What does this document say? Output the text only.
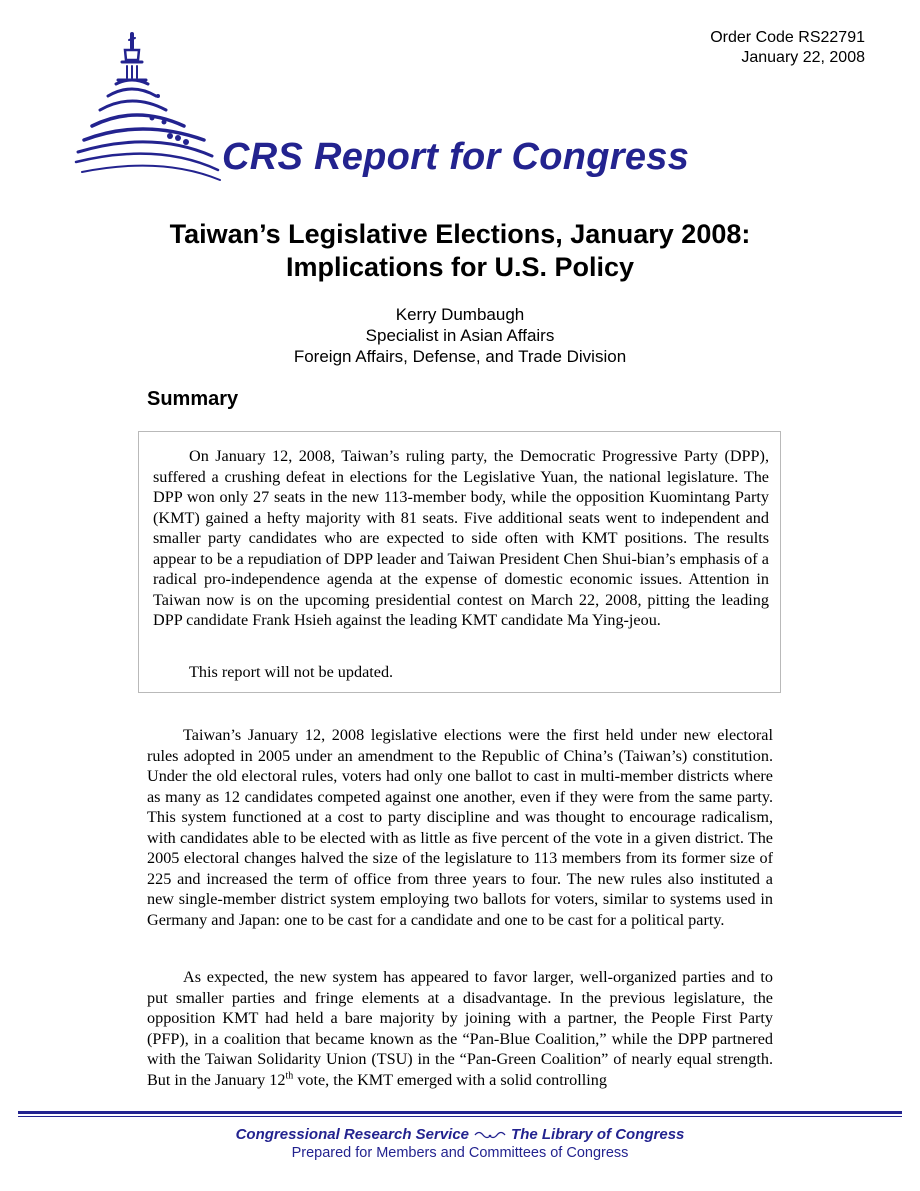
Order Code RS22791
January 22, 2008
CRS Report for Congress
Taiwan’s Legislative Elections, January 2008:
Implications for U.S. Policy
Kerry Dumbaugh
Specialist in Asian Affairs
Foreign Affairs, Defense, and Trade Division
Summary

On January 12, 2008, Taiwan’s ruling party, the Democratic Progressive Party (DPP), suffered a crushing defeat in elections for the Legislative Yuan, the national legislature. The DPP won only 27 seats in the new 113-member body, while the opposition Kuomintang Party (KMT) gained a hefty majority with 81 seats. Five additional seats went to independent and smaller party candidates who are expected to side often with KMT positions. The results appear to be a repudiation of DPP leader and Taiwan President Chen Shui-bian’s emphasis of a radical pro-independence agenda at the expense of domestic economic issues. Attention in Taiwan now is on the upcoming presidential contest on March 22, 2008, pitting the leading DPP candidate Frank Hsieh against the leading KMT candidate Ma Ying-jeou.

This report will not be updated.

Taiwan’s January 12, 2008 legislative elections were the first held under new electoral rules adopted in 2005 under an amendment to the Republic of China’s (Taiwan’s) constitution. Under the old electoral rules, voters had only one ballot to cast in multi-member districts where as many as 12 candidates competed against one another, even if they were from the same party. This system functioned at a cost to party discipline and was thought to encourage radicalism, with candidates able to be elected with as little as five percent of the vote in a given district. The 2005 electoral changes halved the size of the legislature to 113 members from its former size of 225 and increased the term of office from three years to four. The new rules also instituted a new single-member district system employing two ballots for voters, similar to systems used in Germany and Japan: one to be cast for a candidate and one to be cast for a political party.

As expected, the new system has appeared to favor larger, well-organized parties and to put smaller parties and fringe elements at a disadvantage. In the previous legislature, the opposition KMT had held a bare majority by joining with a partner, the People First Party (PFP), in a coalition that became known as the “Pan-Blue Coalition,” while the DPP partnered with the Taiwan Solidarity Union (TSU) in the “Pan-Green Coalition” of nearly equal strength. But in the January 12th vote, the KMT emerged with a solid controlling

Congressional Research Service	The Library of Congress
Prepared for Members and Committees of Congress
